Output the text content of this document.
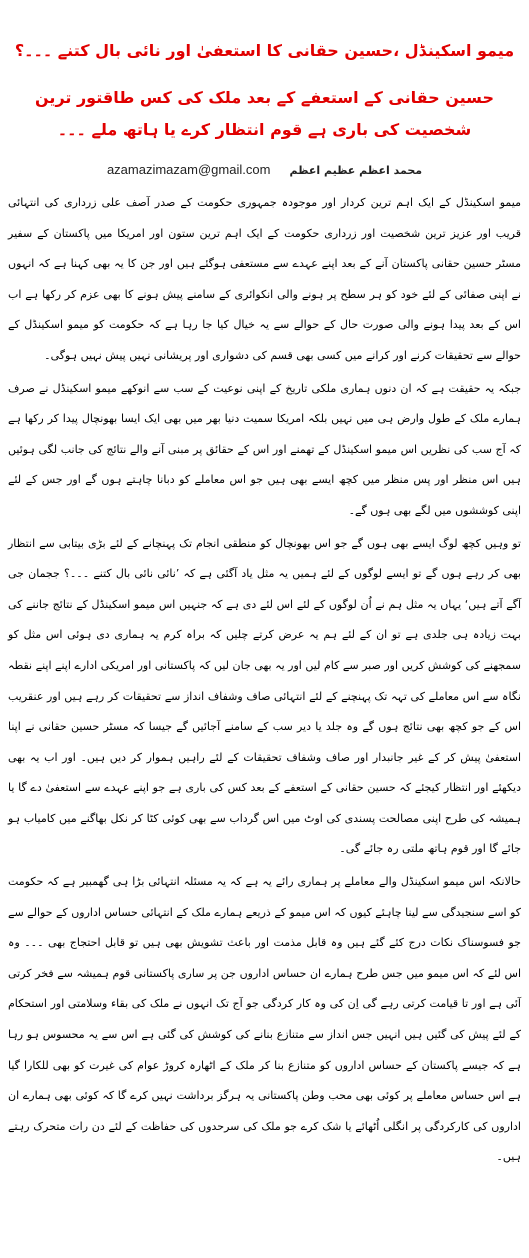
میمو اسکینڈل ،حسین حقانی کا استعفیٰ اور نائی بال کتنے ۔۔۔؟
حسین حقانی کے استعفے کے بعد ملک کی کس طاقتور ترین شخصیت کی باری ہے قوم انتظار کرے یا ہاتھ ملے ۔۔۔
azamazimazam@gmail.com محمد اعظم عظیم اعظم

میمو اسکینڈل کے ایک اہم ترین کردار اور موجودہ جمہوری حکومت کے صدر آصف علی زرداری کی انتہائی قریب اور عزیز ترین شخصیت اور زرداری حکومت کے ایک اہم ترین ستون اور امریکا میں پاکستان کے سفیر مسٹر حسین حقانی پاکستان آنے کے بعد اپنے عہدے سے مستعفی ہوگئے ہیں اور جن کا یہ بھی کہنا ہے کہ انہوں نے اپنی صفائی کے لئے خود کو ہر سطح پر ہونے والی انکوائری کے سامنے پیش ہونے کا بھی عزم کر رکھا ہے اب اس کے بعد پیدا ہونے والی صورت حال کے حوالے سے یہ خیال کیا جا رہا ہے کہ حکومت کو میمو اسکینڈل کے حوالے سے تحقیقات کرنے اور کرانے میں کسی بھی قسم کی دشواری اور پریشانی نہیں پیش نہیں ہوگی۔

جبکہ یہ حقیقت ہے کہ ان دنوں ہماری ملکی تاریخ کے اپنی نوعیت کے سب سے انوکھے میمو اسکینڈل نے صرف ہمارے ملک کے طول وارض ہی میں نہیں بلکہ امریکا سمیت دنیا بھر میں بھی ایک ایسا بھونچال پیدا کر رکھا ہے کہ آج سب کی نظریں اس میمو اسکینڈل کے تھمنے اور اس کے حقائق پر مبنی آنے والے نتائج کی جانب لگی ہوئیں ہیں اس منظر اور پس منظر میں کچھ ایسے بھی ہیں جو اس معاملے کو دبانا چاہتے ہوں گے اور جس کے لئے اپنی کوششوں میں لگے بھی ہوں گے۔

تو وہیں کچھ لوگ ایسے بھی ہوں گے جو اس بھونچال کو منطقی انجام تک پہنچانے کے لئے بڑی بیتابی سے انتظار بھی کر رہے ہوں گے تو ایسے لوگوں کے لئے ہمیں یہ مثل یاد آگئی ہے کہ ’نائی نائی بال کتنے ۔۔۔؟ ججمان جی آگے آتے ہیں‘ یہاں یہ مثل ہم نے اُن لوگوں کے لئے اس لئے دی ہے کہ جنہیں اس میمو اسکینڈل کے نتائج جاننے کی بہت زیادہ ہی جلدی ہے تو ان کے لئے ہم یہ عرض کرتے چلیں کہ براہ کرم یہ ہماری دی ہوئی اس مثل کو سمجھنے کی کوشش کریں اور صبر سے کام لیں اور یہ بھی جان لیں کہ پاکستانی اور امریکی ادارے اپنے اپنے نقطہ نگاہ سے اس معاملے کی تہہ تک پہنچنے کے لئے انتہائی صاف وشفاف انداز سے تحقیقات کر رہے ہیں اور عنقریب اس کے جو کچھ بھی نتائج ہوں گے وہ جلد یا دیر سب کے سامنے آجائیں گے جیسا کہ مسٹر حسین حقانی نے اپنا استعفیٰ پیش کر کے غیر جانبدار اور صاف وشفاف تحقیقات کے لئے راہیں ہموار کر دیں ہیں۔ اور اب یہ بھی دیکھئے اور انتظار کیجئے کہ حسین حقانی کے استعفے کے بعد کس کی باری ہے جو اپنے عہدے سے استعفیٰ دے گا یا ہمیشہ کی طرح اپنی مصالحت پسندی کی اوٹ میں اس گرداب سے بھی کوئی کٹا کر نکل بھاگنے میں کامیاب ہو جائے گا اور قوم ہاتھ ملتی رہ جائے گی۔

حالانکہ اس میمو اسکینڈل والے معاملے پر ہماری رائے یہ ہے کہ یہ مسئلہ انتہائی بڑا ہی گھمبیر ہے کہ حکومت کو اسے سنجیدگی سے لینا چاہئے کیوں کہ اس میمو کے ذریعے ہمارے ملک کے انتہائی حساس اداروں کے حوالے سے جو فسوسناک نکات درج کئے گئے ہیں وہ قابل مذمت اور باعث تشویش بھی ہیں تو قابل احتجاج بھی ۔۔۔ وہ اس لئے کہ اس میمو میں جس طرح ہمارے ان حساس اداروں جن پر ساری پاکستانی قوم ہمیشہ سے فخر کرتی آئی ہے اور تا قیامت کرتی رہے گی اِن کی وہ کار کردگی جو آج تک انہوں نے ملک کی بقاء وسلامتی اور استحکام کے لئے پیش کی گئیں ہیں انہیں جس انداز سے متنازع بنانے کی کوشش کی گئی ہے اس سے یہ محسوس ہو رہا ہے کہ جیسے پاکستان کے حساس اداروں کو متنازع بنا کر ملک کے اٹھارہ کروڑ عوام کی غیرت کو بھی للکارا گیا ہے اس حساس معاملے پر کوئی بھی محب وطن پاکستانی یہ ہرگز برداشت نہیں کرے گا کہ کوئی بھی ہمارے ان اداروں کی کارکردگی پر انگلی اُٹھائے یا شک کرے جو ملک کی سرحدوں کی حفاظت کے لئے دن رات متحرک رہتے ہیں۔
